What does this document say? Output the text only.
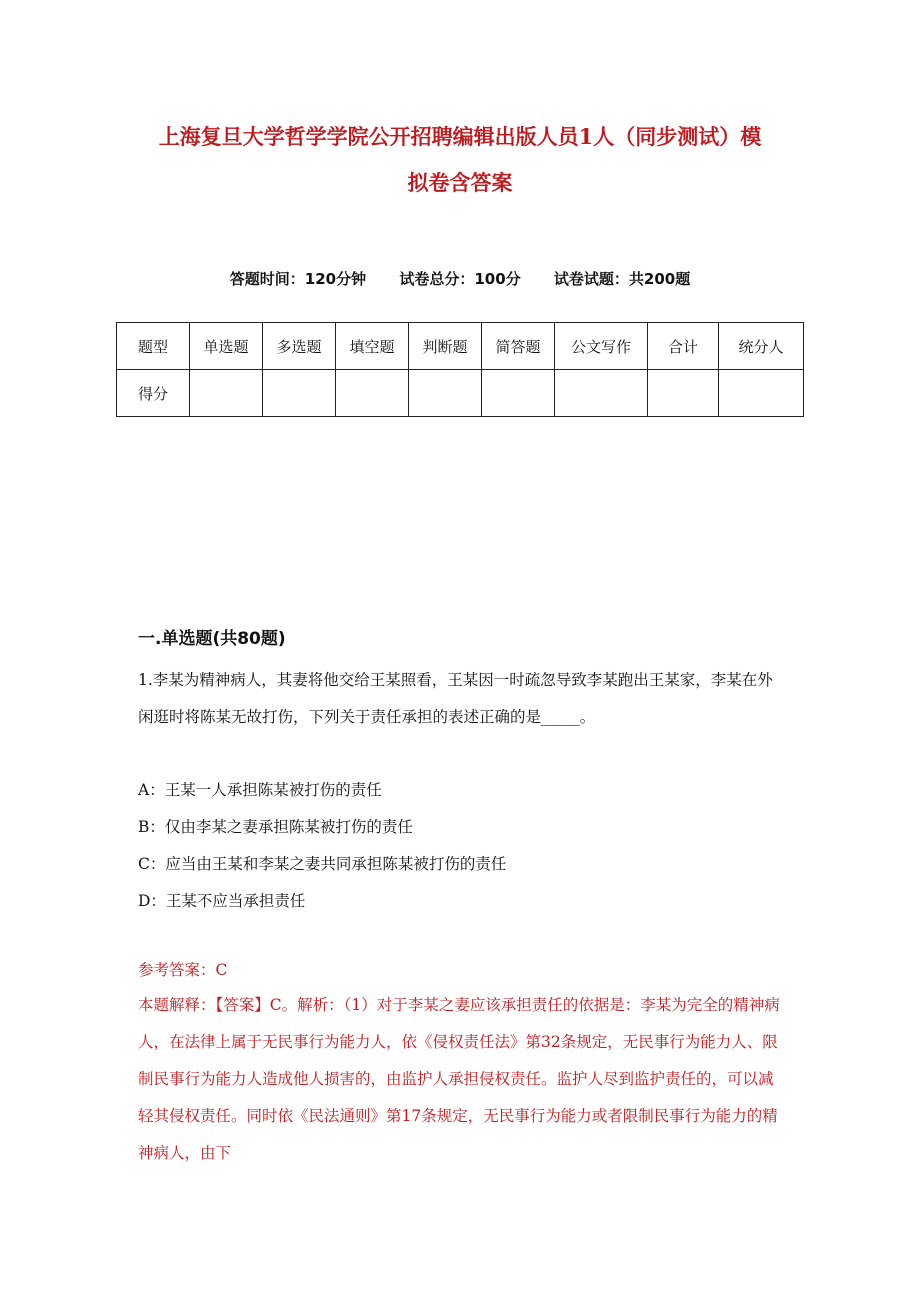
上海复旦大学哲学学院公开招聘编辑出版人员1人（同步测试）模
拟卷含答案
答题时间：120分钟 试卷总分：100分 试卷试题：共200题
题型	单选题	多选题	填空题	判断题	简答题	公文写作	合计	统分人
得分								
一.单选题(共80题)
1.李某为精神病人，其妻将他交给王某照看，王某因一时疏忽导致李某跑出王某家，李某在外闲逛时将陈某无故打伤，下列关于责任承担的表述正确的是_____。
A：王某一人承担陈某被打伤的责任
B：仅由李某之妻承担陈某被打伤的责任
C：应当由王某和李某之妻共同承担陈某被打伤的责任
D：王某不应当承担责任
参考答案：C
本题解释：【答案】C。解析：（1）对于李某之妻应该承担责任的依据是：李某为完全的精神病人，在法律上属于无民事行为能力人，依《侵权责任法》第32条规定，无民事行为能力人、限制民事行为能力人造成他人损害的，由监护人承担侵权责任。监护人尽到监护责任的，可以减轻其侵权责任。同时依《民法通则》第17条规定，无民事行为能力或者限制民事行为能力的精神病人，由下
